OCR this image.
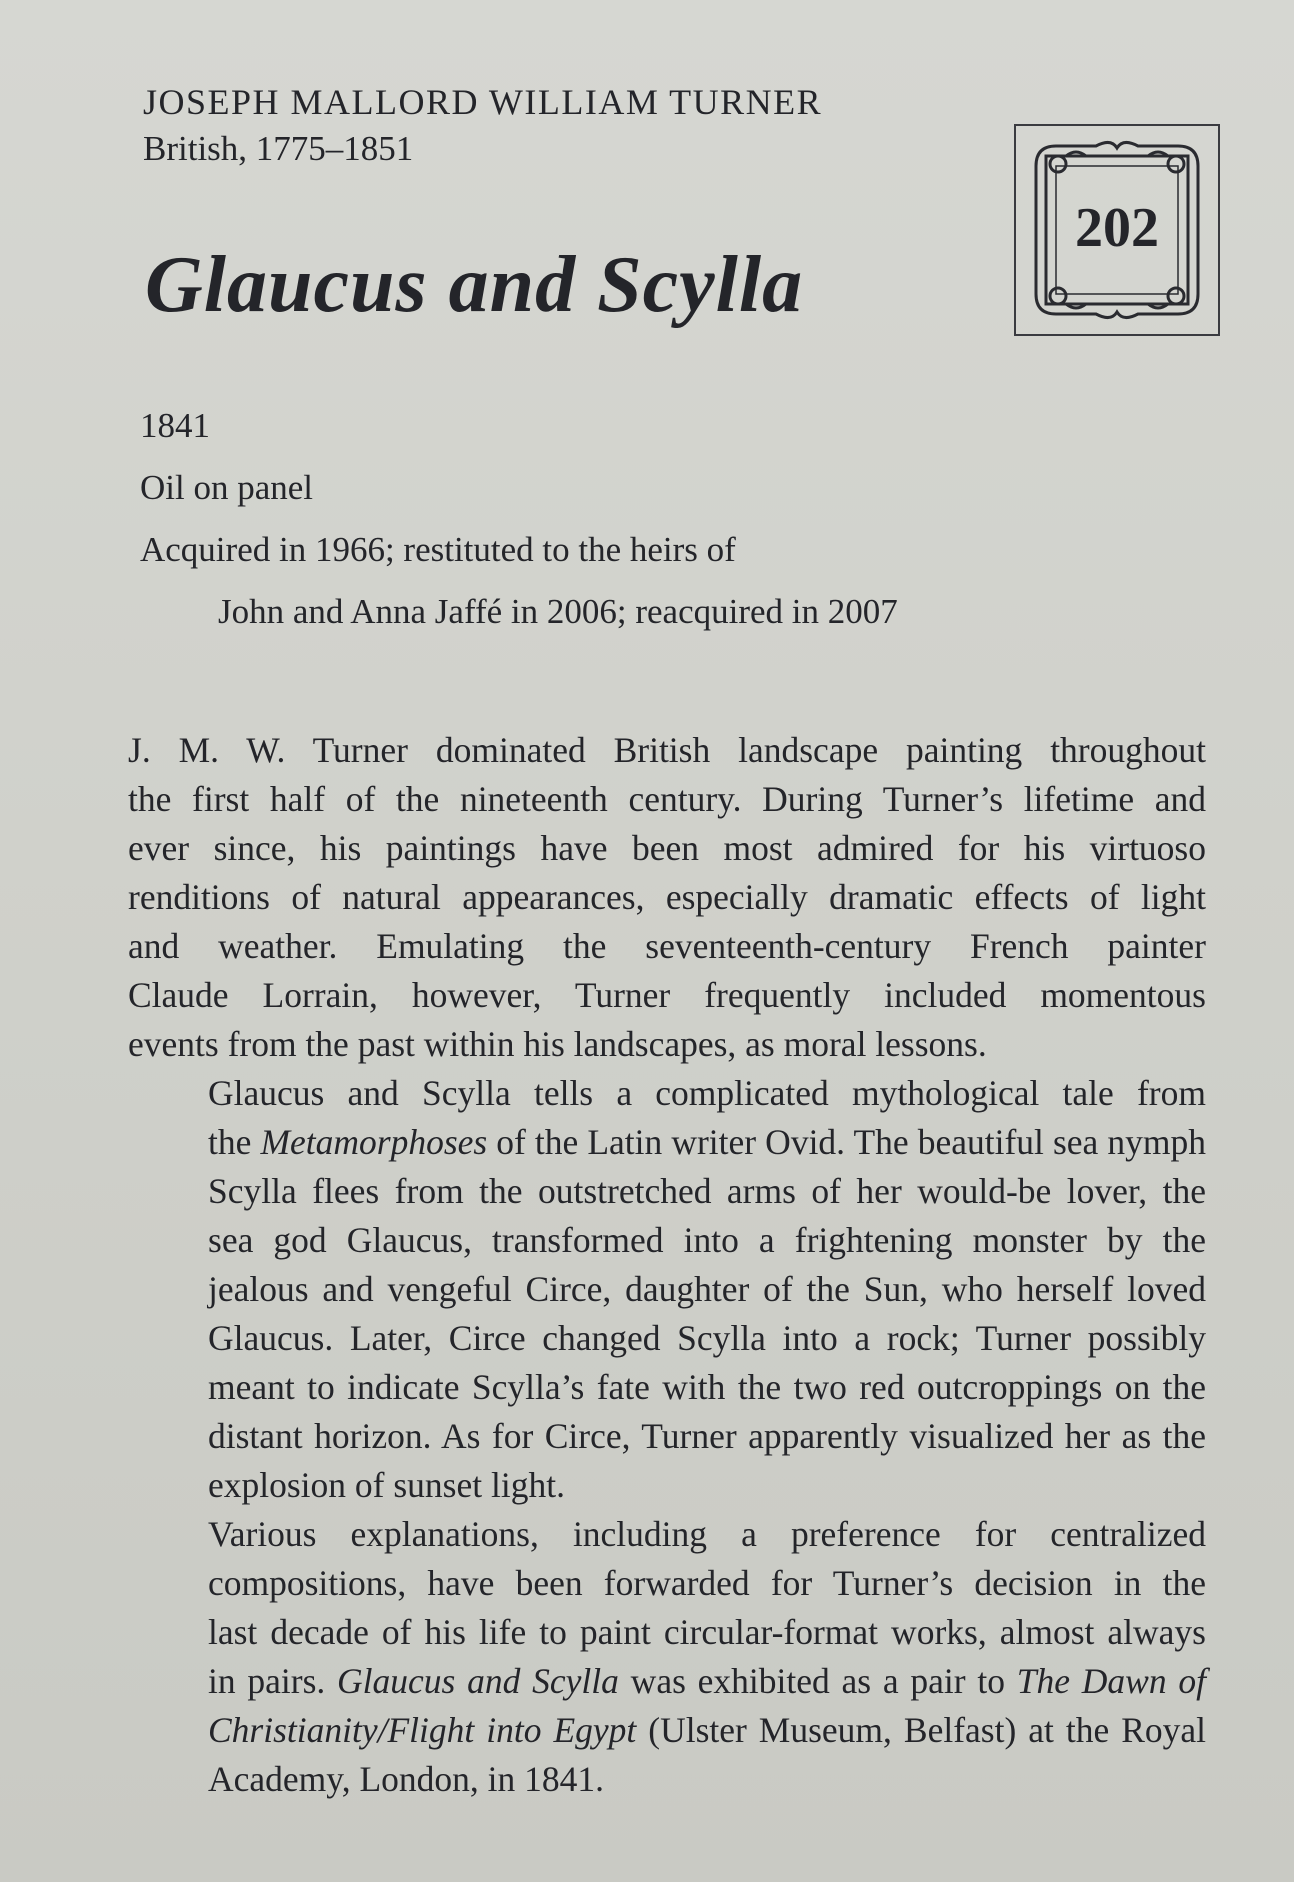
JOSEPH MALLORD WILLIAM TURNER
British, 1775–1851
Glaucus and Scylla
202
1841
Oil on panel
Acquired in 1966; restituted to the heirs of
John and Anna Jaffé in 2006; reacquired in 2007

J. M. W. Turner dominated British landscape painting throughout
the first half of the nineteenth century. During Turner’s lifetime and
ever since, his paintings have been most admired for his virtuoso
renditions of natural appearances, especially dramatic effects of light
and weather. Emulating the seventeenth-century French painter
Claude Lorrain, however, Turner frequently included momentous
events from the past within his landscapes, as moral lessons.

Glaucus and Scylla tells a complicated mythological tale from
the Metamorphoses of the Latin writer Ovid. The beautiful sea nymph
Scylla flees from the outstretched arms of her would-be lover, the
sea god Glaucus, transformed into a frightening monster by the
jealous and vengeful Circe, daughter of the Sun, who herself loved
Glaucus. Later, Circe changed Scylla into a rock; Turner possibly
meant to indicate Scylla’s fate with the two red outcroppings on the
distant horizon. As for Circe, Turner apparently visualized her as the
explosion of sunset light.

Various explanations, including a preference for centralized
compositions, have been forwarded for Turner’s decision in the
last decade of his life to paint circular-format works, almost always
in pairs. Glaucus and Scylla was exhibited as a pair to The Dawn of
Christianity/Flight into Egypt (Ulster Museum, Belfast) at the Royal
Academy, London, in 1841.
